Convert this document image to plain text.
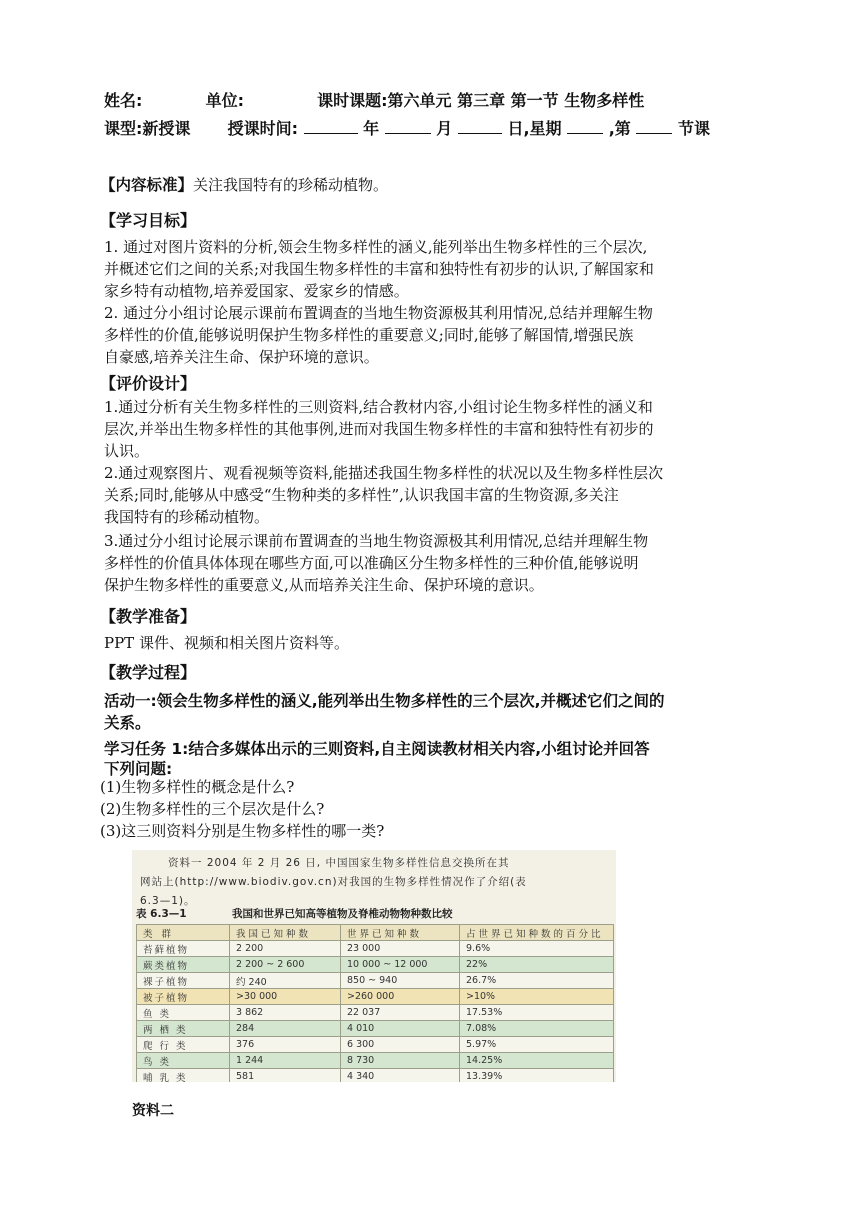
姓名:	单位:	课时课题:第六单元 第三章 第一节 生物多样性
课型:新授课 授课时间:	年	月	日,星期	,第	节课
【内容标准】关注我国特有的珍稀动植物。
【学习目标】
1. 通过对图片资料的分析,领会生物多样性的涵义,能列举出生物多样性的三个层次,
并概述它们之间的关系;对我国生物多样性的丰富和独特性有初步的认识,了解国家和
家乡特有动植物,培养爱国家、爱家乡的情感。
2. 通过分小组讨论展示课前布置调查的当地生物资源极其利用情况,总结并理解生物
多样性的价值,能够说明保护生物多样性的重要意义;同时,能够了解国情,增强民族
自豪感,培养关注生命、保护环境的意识。
【评价设计】
1.通过分析有关生物多样性的三则资料,结合教材内容,小组讨论生物多样性的涵义和
层次,并举出生物多样性的其他事例,进而对我国生物多样性的丰富和独特性有初步的
认识。
2.通过观察图片、观看视频等资料,能描述我国生物多样性的状况以及生物多样性层次
关系;同时,能够从中感受“生物种类的多样性”,认识我国丰富的生物资源,多关注
我国特有的珍稀动植物。
3.通过分小组讨论展示课前布置调查的当地生物资源极其利用情况,总结并理解生物
多样性的价值具体体现在哪些方面,可以准确区分生物多样性的三种价值,能够说明
保护生物多样性的重要意义,从而培养关注生命、保护环境的意识。
【教学准备】
PPT 课件、视频和相关图片资料等。
【教学过程】
活动一:领会生物多样性的涵义,能列举出生物多样性的三个层次,并概述它们之间的
关系。
学习任务 1:结合多媒体出示的三则资料,自主阅读教材相关内容,小组讨论并回答
下列问题:
(1)生物多样性的概念是什么?
(2)生物多样性的三个层次是什么?
(3)这三则资料分别是生物多样性的哪一类?
资料一 2004 年 2 月 26 日, 中国国家生物多样性信息交换所在其
网站上(http://www.biodiv.gov.cn)对我国的生物多样性情况作了介绍(表
6.3—1)。
表 6.3—1	我国和世界已知高等植物及脊椎动物物种数比较
类 群	我国已知种数	世界已知种数	占世界已知种数的百分比
苔藓植物	2 200	23 000	9.6%
蕨类植物	2 200 ~ 2 600	10 000 ~ 12 000	22%
裸子植物	约 240	850 ~ 940	26.7%
被子植物	>30 000	>260 000	>10%
鱼 类	3 862	22 037	17.53%
两 栖 类	284	4 010	7.08%
爬 行 类	376	6 300	5.97%
鸟 类	1 244	8 730	14.25%
哺 乳 类	581	4 340	13.39%
资料二
